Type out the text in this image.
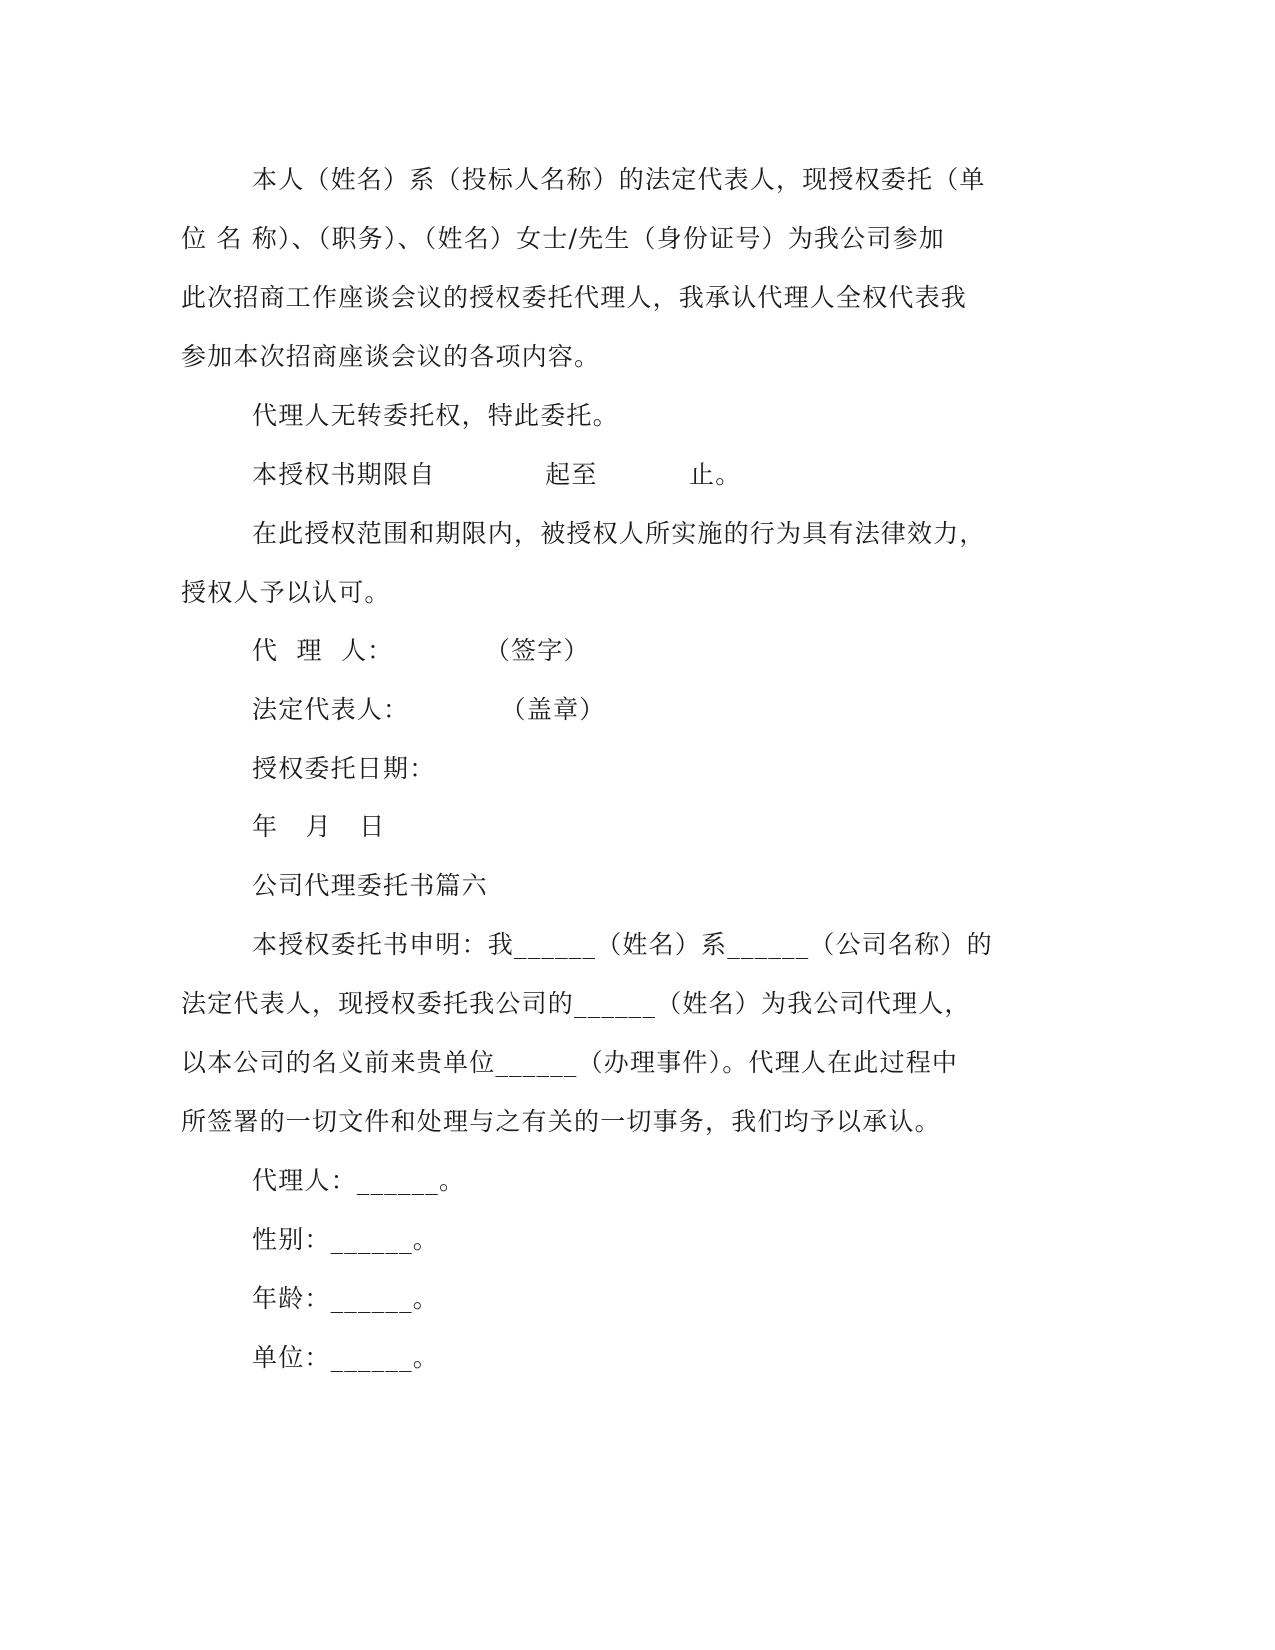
本人（姓名）系（投标人名称）的法定代表人，现授权委托（单
位 名 称）、（职务）、（姓名）女士/先生（身份证号）为我公司参加
此次招商工作座谈会议的授权委托代理人，我承认代理人全权代表我
参加本次招商座谈会议的各项内容。
代理人无转委托权，特此委托。
本授权书期限自            起至          止。
在此授权范围和期限内，被授权人所实施的行为具有法律效力，
授权人予以认可。
代  理  人：          （签字）
法定代表人：          （盖章）
授权委托日期：
年   月   日
公司代理委托书篇六
本授权委托书申明：我______（姓名）系______（公司名称）的
法定代表人，现授权委托我公司的______（姓名）为我公司代理人，
以本公司的名义前来贵单位______（办理事件）。代理人在此过程中
所签署的一切文件和处理与之有关的一切事务，我们均予以承认。
代理人：______。
性别：______。
年龄：______。
单位：______。
